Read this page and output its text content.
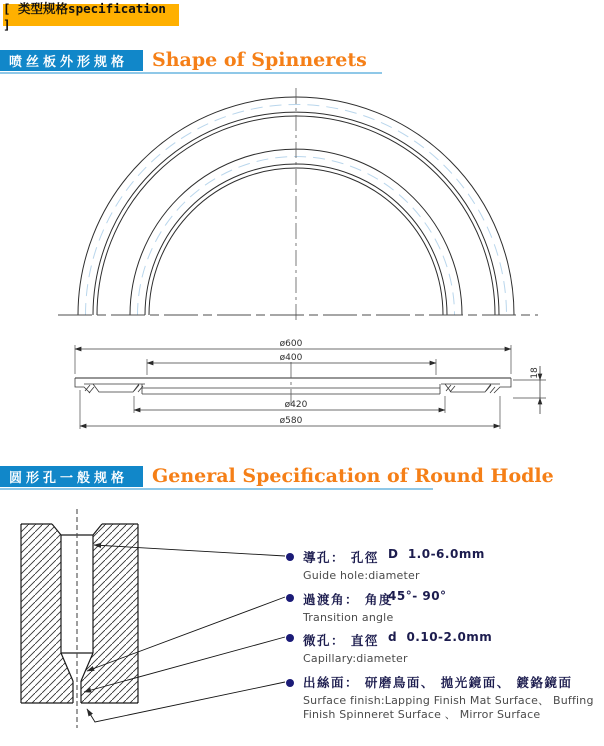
[ 类型规格specification ]
喷丝板外形规格	Shape of Spinnerets
圆形孔一般规格	General Specification of Round Hodle
ø600
ø400
ø420
ø580
18
導孔： 孔徑 D  1.0-6.0mm
Guide hole:diameter
過渡角： 角度
45°- 90°
Transition angle
微孔： 直徑 d  0.10-2.0mm
Capillary:diameter
出絲面： 研磨鳥面、 拋光鏡面、 鍍鉻鏡面
Surface finish:Lapping Finish Mat Surface、 Buffing Finish Spinneret Surface 、 Mirror Surface
